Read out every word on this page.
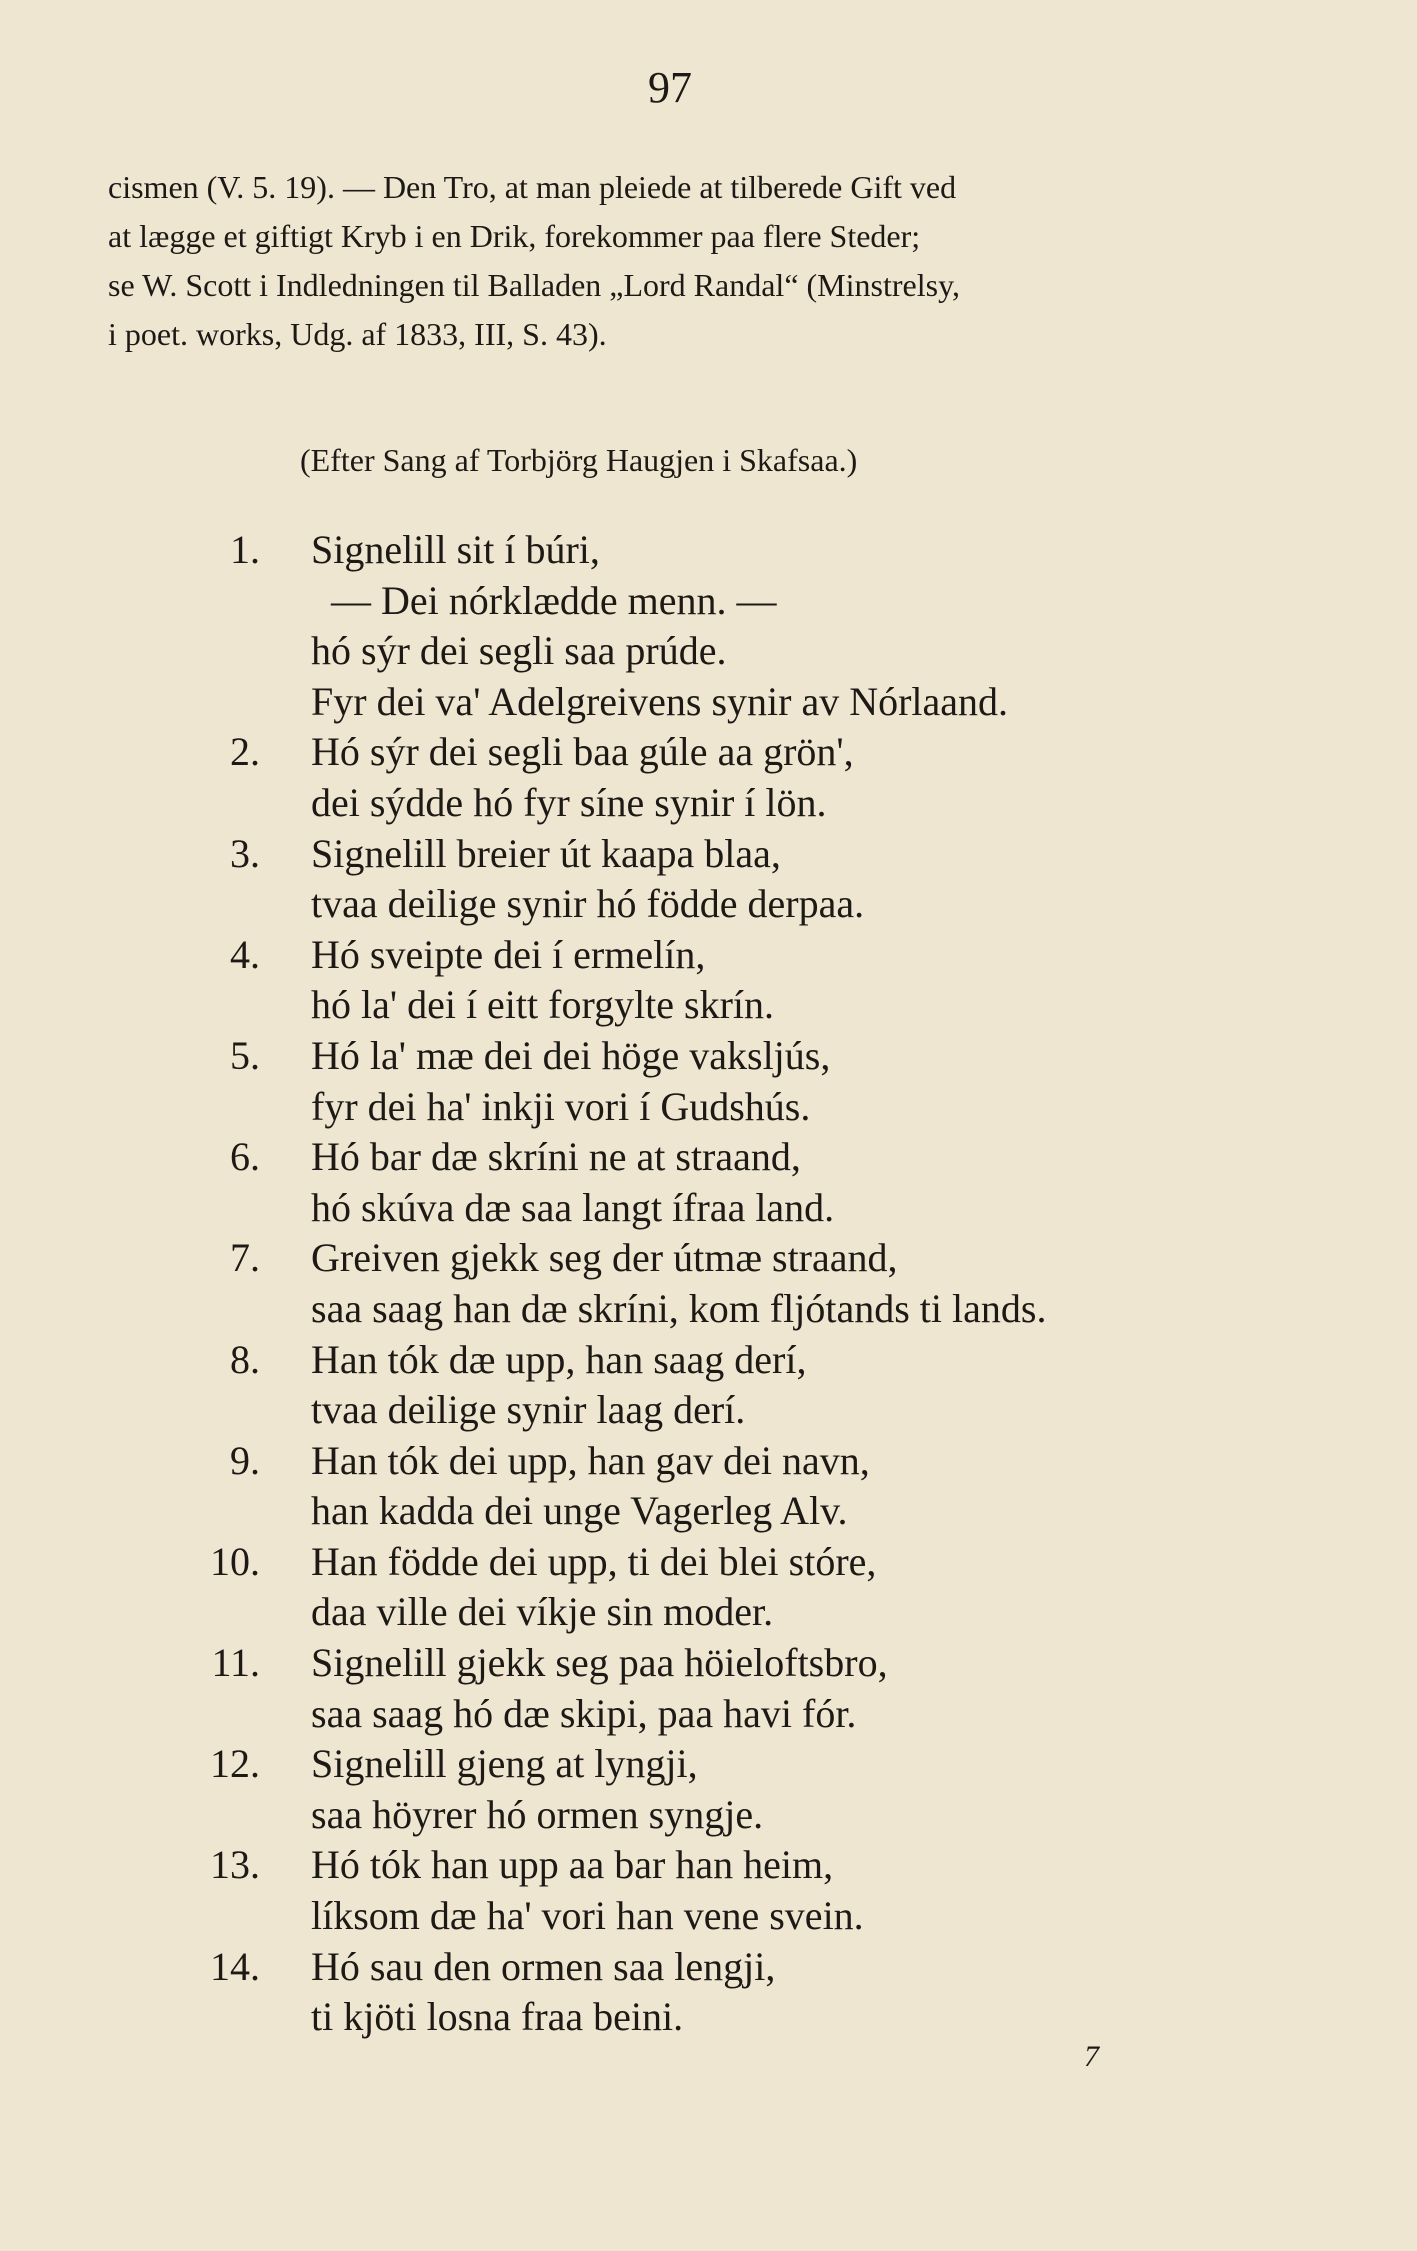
97
cismen (V. 5. 19). — Den Tro, at man pleiede at tilberede Gift ved
at lægge et giftigt Kryb i en Drik, forekommer paa flere Steder;
se W. Scott i Indledningen til Balladen „Lord Randal“ (Minstrelsy,
i poet. works, Udg. af 1833, III, S. 43).
(Efter Sang af Torbjörg Haugjen i Skafsaa.)
1. Signelill sit í búri,
— Dei nórklædde menn. —
hó sýr dei segli saa prúde.
Fyr dei va' Adelgreivens synir av Nórlaand.
2. Hó sýr dei segli baa gúle aa grön',
dei sýdde hó fyr síne synir í lön.
3. Signelill breier út kaapa blaa,
tvaa deilige synir hó födde derpaa.
4. Hó sveipte dei í ermelín,
hó la' dei í eitt forgylte skrín.
5. Hó la' mæ dei dei höge vaksljús,
fyr dei ha' inkji vori í Gudshús.
6. Hó bar dæ skríni ne at straand,
hó skúva dæ saa langt ífraa land.
7. Greiven gjekk seg der útmæ straand,
saa saag han dæ skríni, kom fljótands ti lands.
8. Han tók dæ upp, han saag derí,
tvaa deilige synir laag derí.
9. Han tók dei upp, han gav dei navn,
han kadda dei unge Vagerleg Alv.
10. Han födde dei upp, ti dei blei stóre,
daa ville dei víkje sin moder.
11. Signelill gjekk seg paa höieloftsbro,
saa saag hó dæ skipi, paa havi fór.
12. Signelill gjeng at lyngji,
saa höyrer hó ormen syngje.
13. Hó tók han upp aa bar han heim,
líksom dæ ha' vori han vene svein.
14. Hó sau den ormen saa lengji,
ti kjöti losna fraa beini.
7
